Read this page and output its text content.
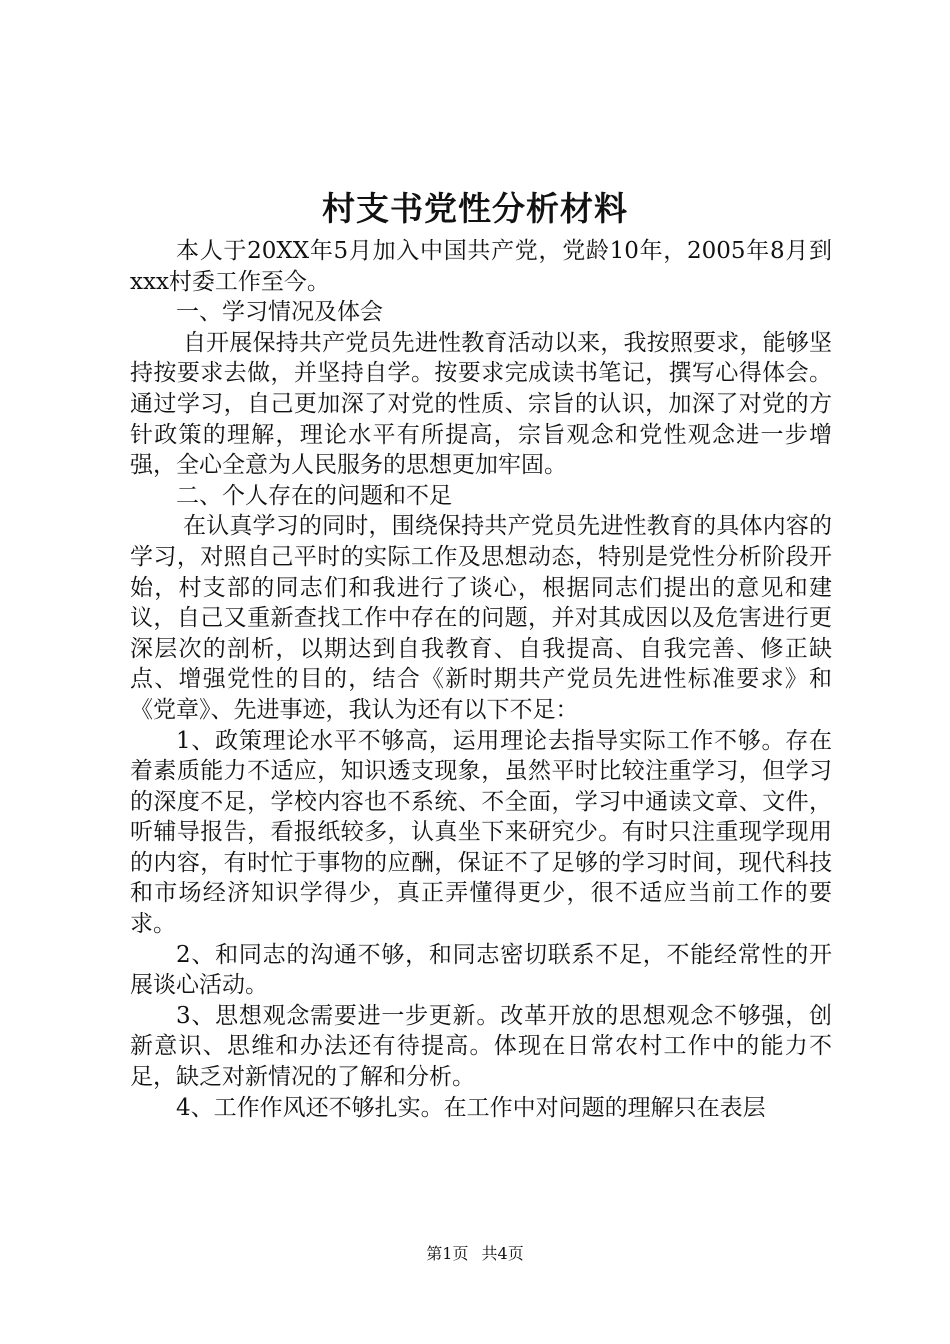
村支书党性分析材料

本人于20XX年5月加入中国共产党，党龄10年，2005年8月到xxx村委工作至今。

一、学习情况及体会

自开展保持共产党员先进性教育活动以来，我按照要求，能够坚持按要求去做，并坚持自学。按要求完成读书笔记，撰写心得体会。通过学习，自己更加深了对党的性质、宗旨的认识，加深了对党的方针政策的理解，理论水平有所提高，宗旨观念和党性观念进一步增强，全心全意为人民服务的思想更加牢固。

二、个人存在的问题和不足

在认真学习的同时，围绕保持共产党员先进性教育的具体内容的学习，对照自己平时的实际工作及思想动态，特别是党性分析阶段开始，村支部的同志们和我进行了谈心，根据同志们提出的意见和建议，自己又重新查找工作中存在的问题，并对其成因以及危害进行更深层次的剖析，以期达到自我教育、自我提高、自我完善、修正缺点、增强党性的目的，结合《新时期共产党员先进性标准要求》和《党章》、先进事迹，我认为还有以下不足：

1、政策理论水平不够高，运用理论去指导实际工作不够。存在着素质能力不适应，知识透支现象，虽然平时比较注重学习，但学习的深度不足，学校内容也不系统、不全面，学习中通读文章、文件，听辅导报告，看报纸较多，认真坐下来研究少。有时只注重现学现用的内容，有时忙于事物的应酬，保证不了足够的学习时间，现代科技和市场经济知识学得少，真正弄懂得更少，很不适应当前工作的要求。

2、和同志的沟通不够，和同志密切联系不足，不能经常性的开展谈心活动。

3、思想观念需要进一步更新。改革开放的思想观念不够强，创新意识、思维和办法还有待提高。体现在日常农村工作中的能力不足，缺乏对新情况的了解和分析。

4、工作作风还不够扎实。在工作中对问题的理解只在表层

第1页 共4页
